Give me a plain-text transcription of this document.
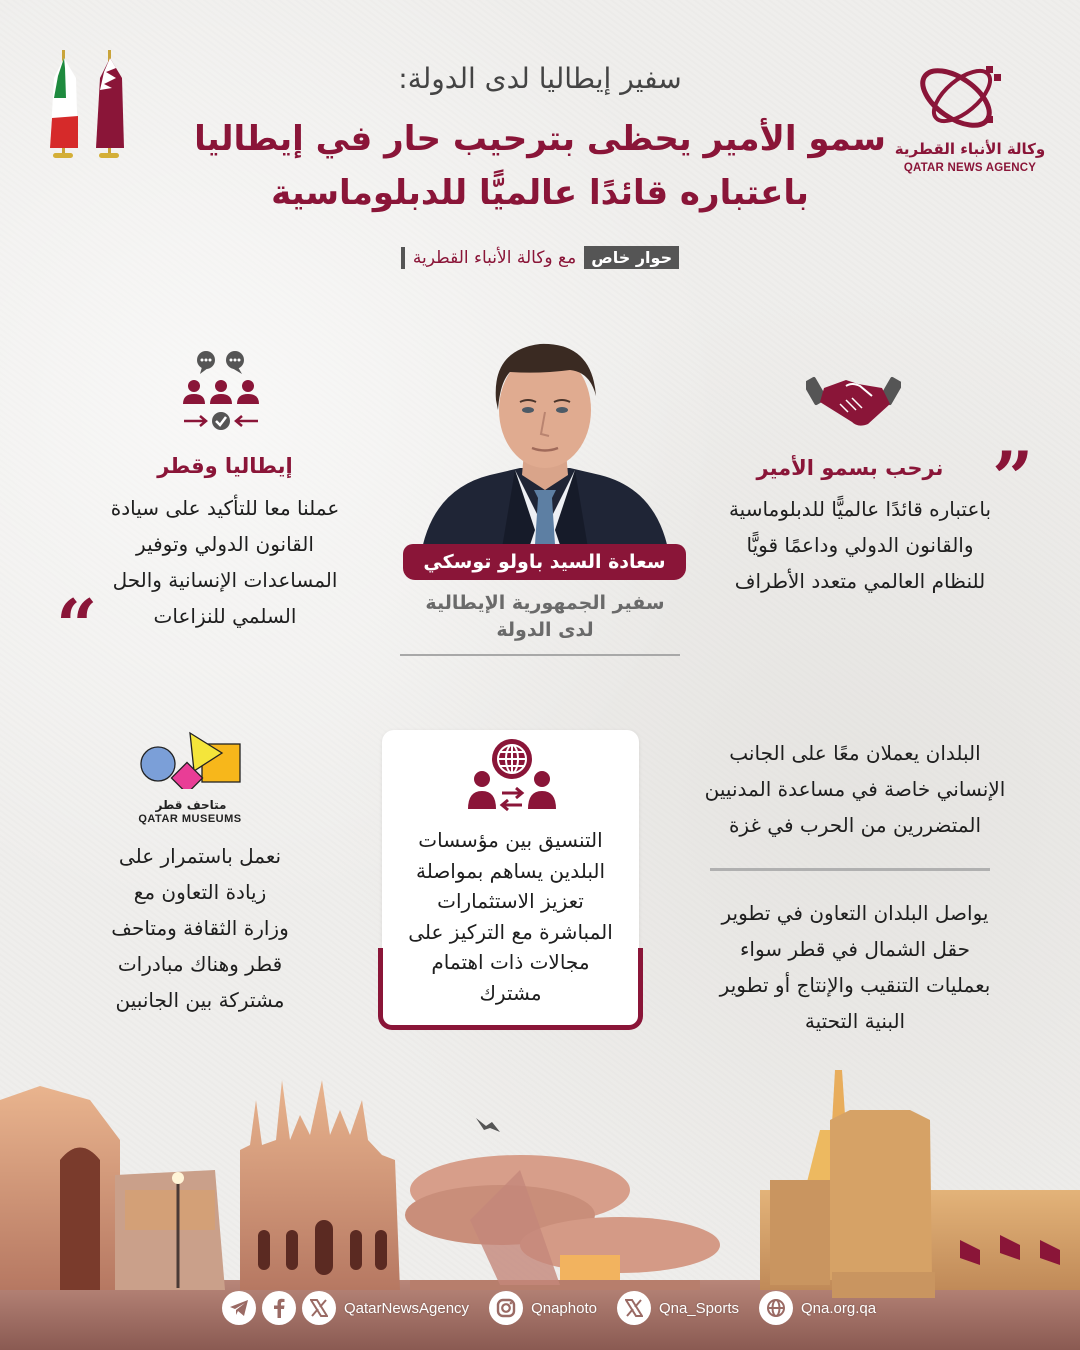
سفير إيطاليا لدى الدولة:
سمو الأمير يحظى بترحيب حار في إيطاليا
باعتباره قائدًا عالميًّا للدبلوماسية
حوار خاص
مع وكالة الأنباء القطرية
وكالة الأنباء القطرية
QATAR NEWS AGENCY
إيطاليا وقطر
عملنا معا للتأكيد على سيادة
القانون الدولي وتوفير
المساعدات الإنسانية والحل
السلمي للنزاعات
“
سعادة السيد باولو توسكي
سفير الجمهورية الإيطالية
لدى الدولة
”
نرحب بسمو الأمير
باعتباره قائدًا عالميًّا للدبلوماسية
والقانون الدولي وداعمًا قويًّا
للنظام العالمي متعدد الأطراف
متاحف قطر
QATAR MUSEUMS
نعمل باستمرار على
زيادة التعاون مع
وزارة الثقافة ومتاحف
قطر وهناك مبادرات
مشتركة بين الجانبين
التنسيق بين مؤسسات
البلدين يساهم بمواصلة
تعزيز الاستثمارات
المباشرة مع التركيز على
مجالات ذات اهتمام
مشترك
البلدان يعملان معًا على الجانب
الإنساني خاصة في مساعدة المدنيين
المتضررين من الحرب في غزة
يواصل البلدان التعاون في تطوير
حقل الشمال في قطر سواء
بعمليات التنقيب والإنتاج أو تطوير
البنية التحتية
QatarNewsAgency	Qnaphoto	Qna_Sports	Qna.org.qa
